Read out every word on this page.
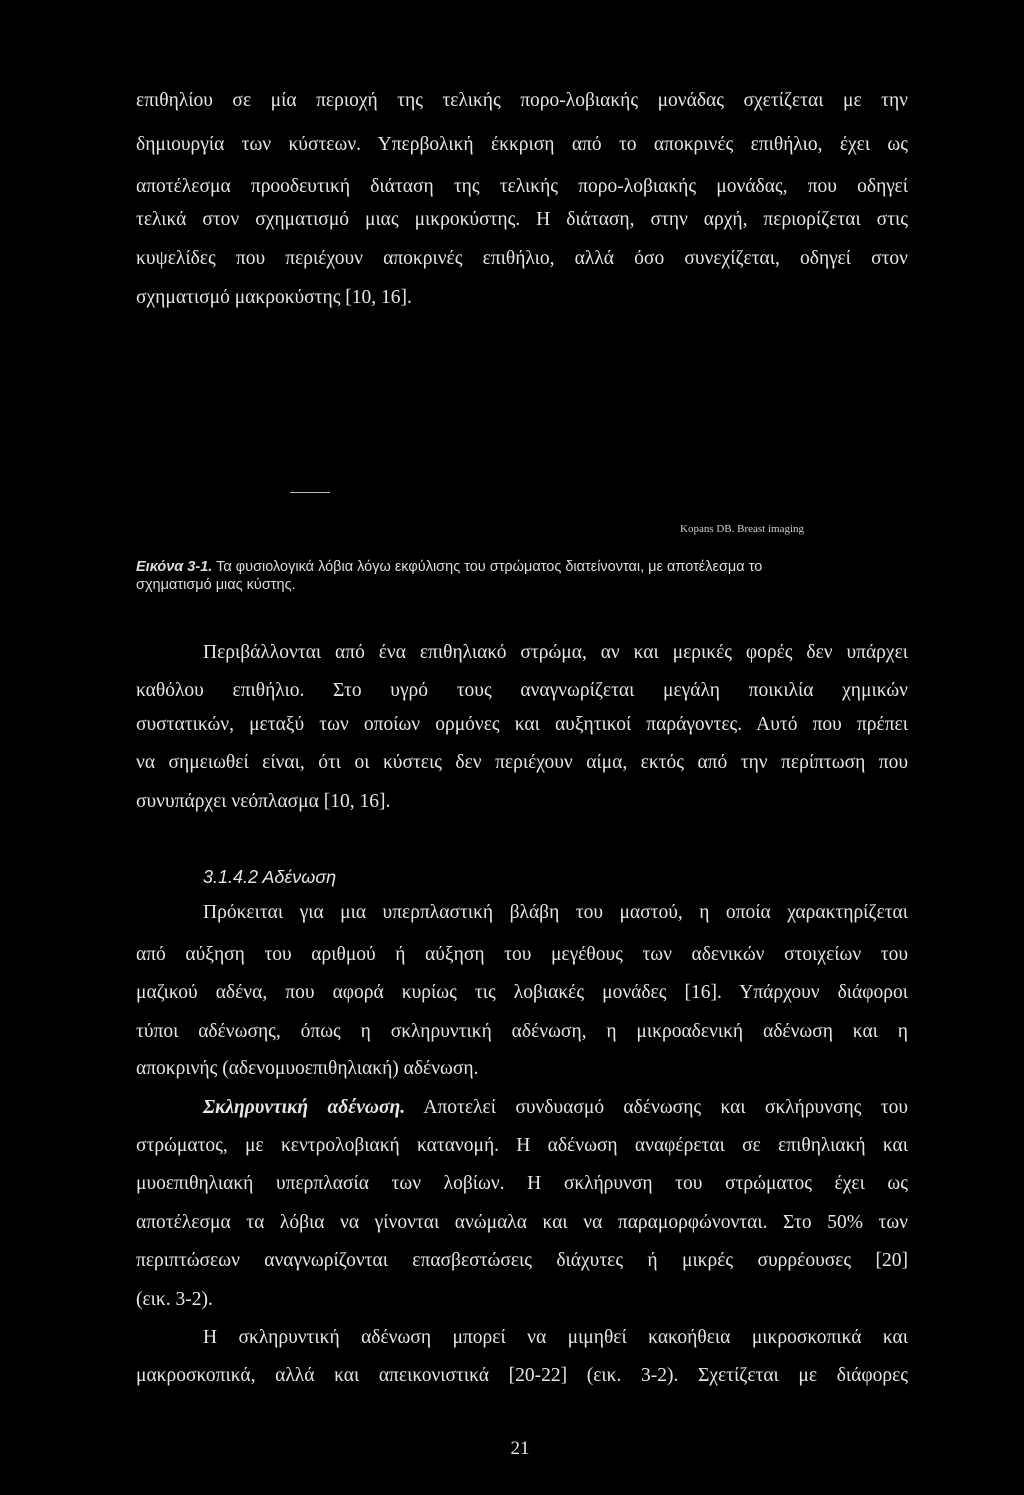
επιθηλίου σε μία περιοχή της τελικής πορο-λοβιακής μονάδας σχετίζεται με την
δημιουργία των κύστεων. Υπερβολική έκκριση από το αποκρινές επιθήλιο, έχει ως
αποτέλεσμα προοδευτική διάταση της τελικής πορο-λοβιακής μονάδας, που οδηγεί
τελικά στον σχηματισμό μιας μικροκύστης. Η διάταση, στην αρχή, περιορίζεται στις
κυψελίδες που περιέχουν αποκρινές επιθήλιο, αλλά όσο συνεχίζεται, οδηγεί στον
σχηματισμό μακροκύστης [10, 16].
Kopans DB. Breast imaging
Εικόνα 3-1. Τα φυσιολογικά λόβια λόγω εκφύλισης του στρώματος διατείνονται, με αποτέλεσμα το
σχηματισμό μιας κύστης.
Περιβάλλονται από ένα επιθηλιακό στρώμα, αν και μερικές φορές δεν υπάρχει
καθόλου επιθήλιο. Στο υγρό τους αναγνωρίζεται μεγάλη ποικιλία χημικών
συστατικών, μεταξύ των οποίων ορμόνες και αυξητικοί παράγοντες. Αυτό που πρέπει
να σημειωθεί είναι, ότι οι κύστεις δεν περιέχουν αίμα, εκτός από την περίπτωση που
συνυπάρχει νεόπλασμα [10, 16].
3.1.4.2 Αδένωση
Πρόκειται για μια υπερπλαστική βλάβη του μαστού, η οποία χαρακτηρίζεται
από αύξηση του αριθμού ή αύξηση του μεγέθους των αδενικών στοιχείων του
μαζικού αδένα, που αφορά κυρίως τις λοβιακές μονάδες [16]. Υπάρχουν διάφοροι
τύποι αδένωσης, όπως η σκληρυντική αδένωση, η μικροαδενική αδένωση και η
αποκρινής (αδενομυοεπιθηλιακή) αδένωση.
Σκληρυντική αδένωση. Αποτελεί συνδυασμό αδένωσης και σκλήρυνσης του
στρώματος, με κεντρολοβιακή κατανομή. Η αδένωση αναφέρεται σε επιθηλιακή και
μυοεπιθηλιακή υπερπλασία των λοβίων. Η σκλήρυνση του στρώματος έχει ως
αποτέλεσμα τα λόβια να γίνονται ανώμαλα και να παραμορφώνονται. Στο 50% των
περιπτώσεων αναγνωρίζονται επασβεστώσεις διάχυτες ή μικρές συρρέουσες [20]
(εικ. 3-2).
Η σκληρυντική αδένωση μπορεί να μιμηθεί κακοήθεια μικροσκοπικά και
μακροσκοπικά, αλλά και απεικονιστικά [20-22] (εικ. 3-2). Σχετίζεται με διάφορες
21
